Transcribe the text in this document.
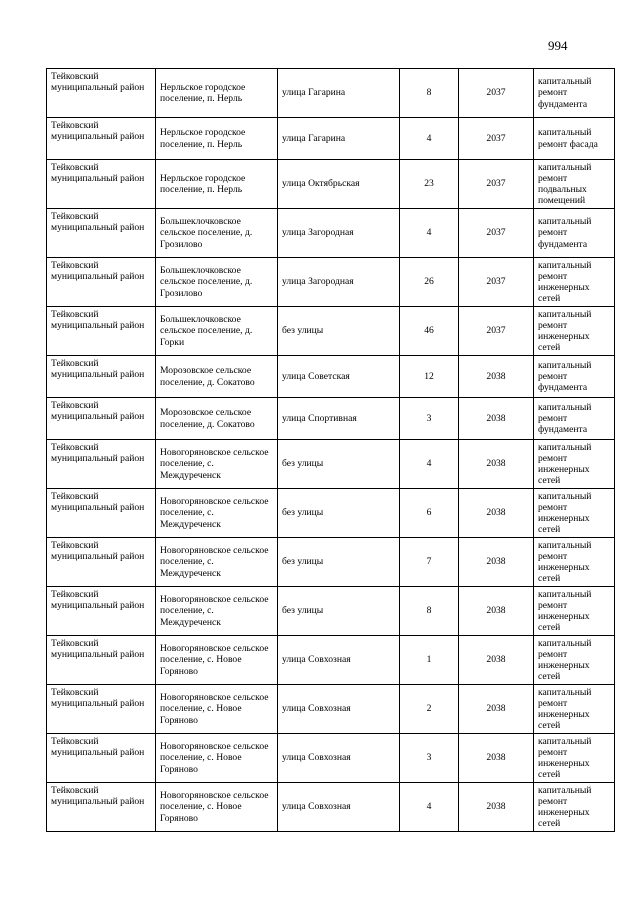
994
Тейковский муниципальный район	Нерльское городское поселение, п. Нерль	улица Гагарина	8	2037	капитальный ремонт фундамента
Тейковский муниципальный район	Нерльское городское поселение, п. Нерль	улица Гагарина	4	2037	капитальный ремонт фасада
Тейковский муниципальный район	Нерльское городское поселение, п. Нерль	улица Октябрьская	23	2037	капитальный ремонт подвальных помещений
Тейковский муниципальный район	Большеклочковское сельское поселение, д. Грозилово	улица Загородная	4	2037	капитальный ремонт фундамента
Тейковский муниципальный район	Большеклочковское сельское поселение, д. Грозилово	улица Загородная	26	2037	капитальный ремонт инженерных сетей
Тейковский муниципальный район	Большеклочковское сельское поселение, д. Горки	без улицы	46	2037	капитальный ремонт инженерных сетей
Тейковский муниципальный район	Морозовское сельское поселение, д. Сокатово	улица Советская	12	2038	капитальный ремонт фундамента
Тейковский муниципальный район	Морозовское сельское поселение, д. Сокатово	улица Спортивная	3	2038	капитальный ремонт фундамента
Тейковский муниципальный район	Новогоряновское сельское поселение, с. Междуреченск	без улицы	4	2038	капитальный ремонт инженерных сетей
Тейковский муниципальный район	Новогоряновское сельское поселение, с. Междуреченск	без улицы	6	2038	капитальный ремонт инженерных сетей
Тейковский муниципальный район	Новогоряновское сельское поселение, с. Междуреченск	без улицы	7	2038	капитальный ремонт инженерных сетей
Тейковский муниципальный район	Новогоряновское сельское поселение, с. Междуреченск	без улицы	8	2038	капитальный ремонт инженерных сетей
Тейковский муниципальный район	Новогоряновское сельское поселение, с. Новое Горяново	улица Совхозная	1	2038	капитальный ремонт инженерных сетей
Тейковский муниципальный район	Новогоряновское сельское поселение, с. Новое Горяново	улица Совхозная	2	2038	капитальный ремонт инженерных сетей
Тейковский муниципальный район	Новогоряновское сельское поселение, с. Новое Горяново	улица Совхозная	3	2038	капитальный ремонт инженерных сетей
Тейковский муниципальный район	Новогоряновское сельское поселение, с. Новое Горяново	улица Совхозная	4	2038	капитальный ремонт инженерных сетей
